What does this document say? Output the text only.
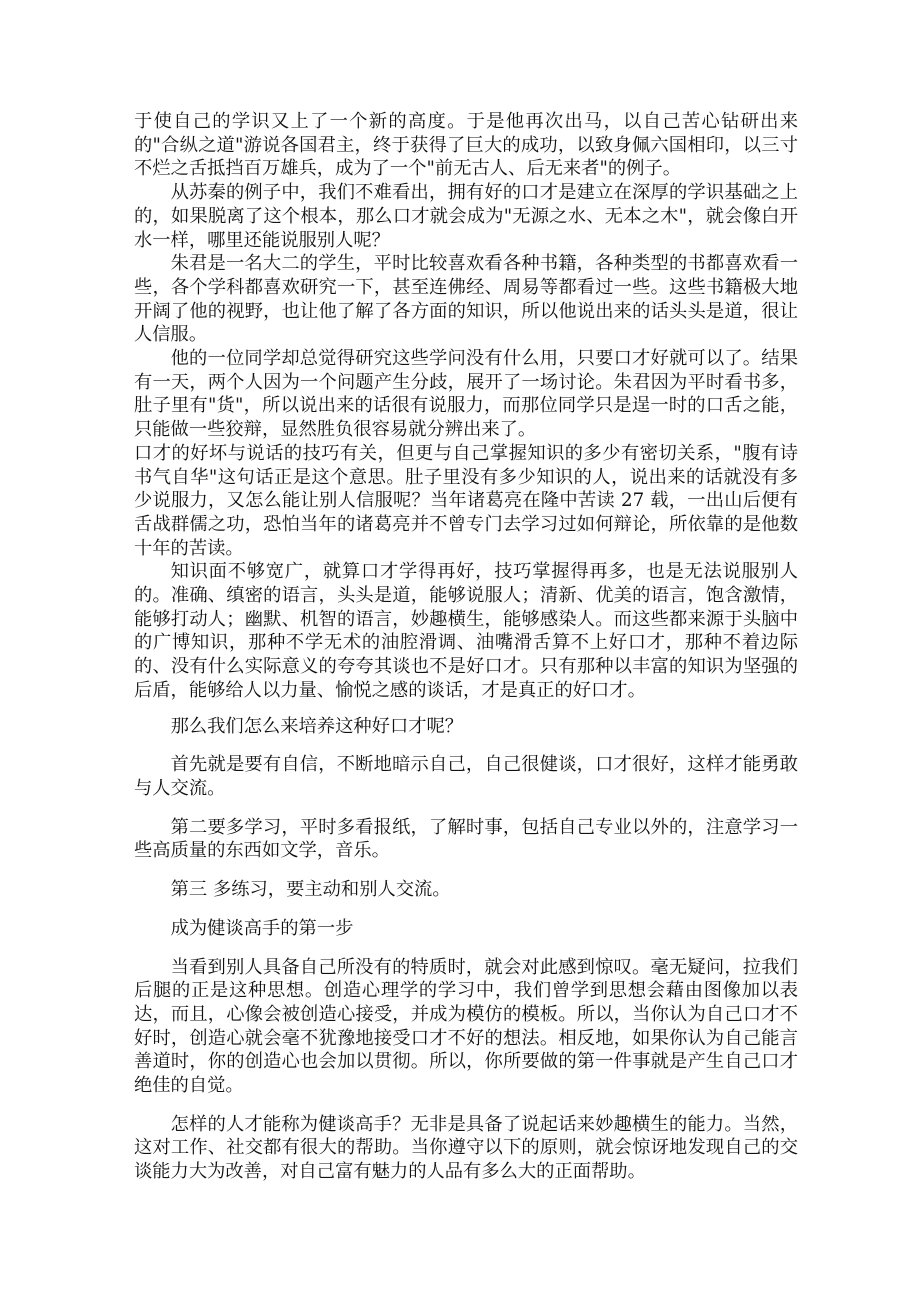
于使自己的学识又上了一个新的高度。于是他再次出马，以自己苦心钻研出来的"合纵之道"游说各国君主，终于获得了巨大的成功，以致身佩六国相印，以三寸不烂之舌抵挡百万雄兵，成为了一个"前无古人、后无来者"的例子。

从苏秦的例子中，我们不难看出，拥有好的口才是建立在深厚的学识基础之上的，如果脱离了这个根本，那么口才就会成为"无源之水、无本之木"，就会像白开水一样，哪里还能说服别人呢？

朱君是一名大二的学生，平时比较喜欢看各种书籍，各种类型的书都喜欢看一些，各个学科都喜欢研究一下，甚至连佛经、周易等都看过一些。这些书籍极大地开阔了他的视野，也让他了解了各方面的知识，所以他说出来的话头头是道，很让人信服。

他的一位同学却总觉得研究这些学问没有什么用，只要口才好就可以了。结果有一天，两个人因为一个问题产生分歧，展开了一场讨论。朱君因为平时看书多，肚子里有"货"，所以说出来的话很有说服力，而那位同学只是逞一时的口舌之能，只能做一些狡辩，显然胜负很容易就分辨出来了。

口才的好坏与说话的技巧有关，但更与自己掌握知识的多少有密切关系，"腹有诗书气自华"这句话正是这个意思。肚子里没有多少知识的人，说出来的话就没有多少说服力，又怎么能让别人信服呢？当年诸葛亮在隆中苦读 27 载，一出山后便有舌战群儒之功，恐怕当年的诸葛亮并不曾专门去学习过如何辩论，所依靠的是他数十年的苦读。

知识面不够宽广，就算口才学得再好，技巧掌握得再多，也是无法说服别人的。准确、缜密的语言，头头是道，能够说服人；清新、优美的语言，饱含激情，能够打动人；幽默、机智的语言，妙趣横生，能够感染人。而这些都来源于头脑中的广博知识，那种不学无术的油腔滑调、油嘴滑舌算不上好口才，那种不着边际的、没有什么实际意义的夸夸其谈也不是好口才。只有那种以丰富的知识为坚强的后盾，能够给人以力量、愉悦之感的谈话，才是真正的好口才。

那么我们怎么来培养这种好口才呢？

首先就是要有自信，不断地暗示自己，自己很健谈，口才很好，这样才能勇敢与人交流。

第二要多学习，平时多看报纸，了解时事，包括自己专业以外的，注意学习一些高质量的东西如文学，音乐。

第三 多练习，要主动和别人交流。

成为健谈高手的第一步

当看到别人具备自己所没有的特质时，就会对此感到惊叹。毫无疑问，拉我们后腿的正是这种思想。创造心理学的学习中，我们曾学到思想会藉由图像加以表达，而且，心像会被创造心接受，并成为模仿的模板。所以，当你认为自己口才不好时，创造心就会毫不犹豫地接受口才不好的想法。相反地，如果你认为自己能言善道时，你的创造心也会加以贯彻。所以，你所要做的第一件事就是产生自己口才绝佳的自觉。

怎样的人才能称为健谈高手？无非是具备了说起话来妙趣横生的能力。当然，这对工作、社交都有很大的帮助。当你遵守以下的原则，就会惊讶地发现自己的交谈能力大为改善，对自己富有魅力的人品有多么大的正面帮助。
